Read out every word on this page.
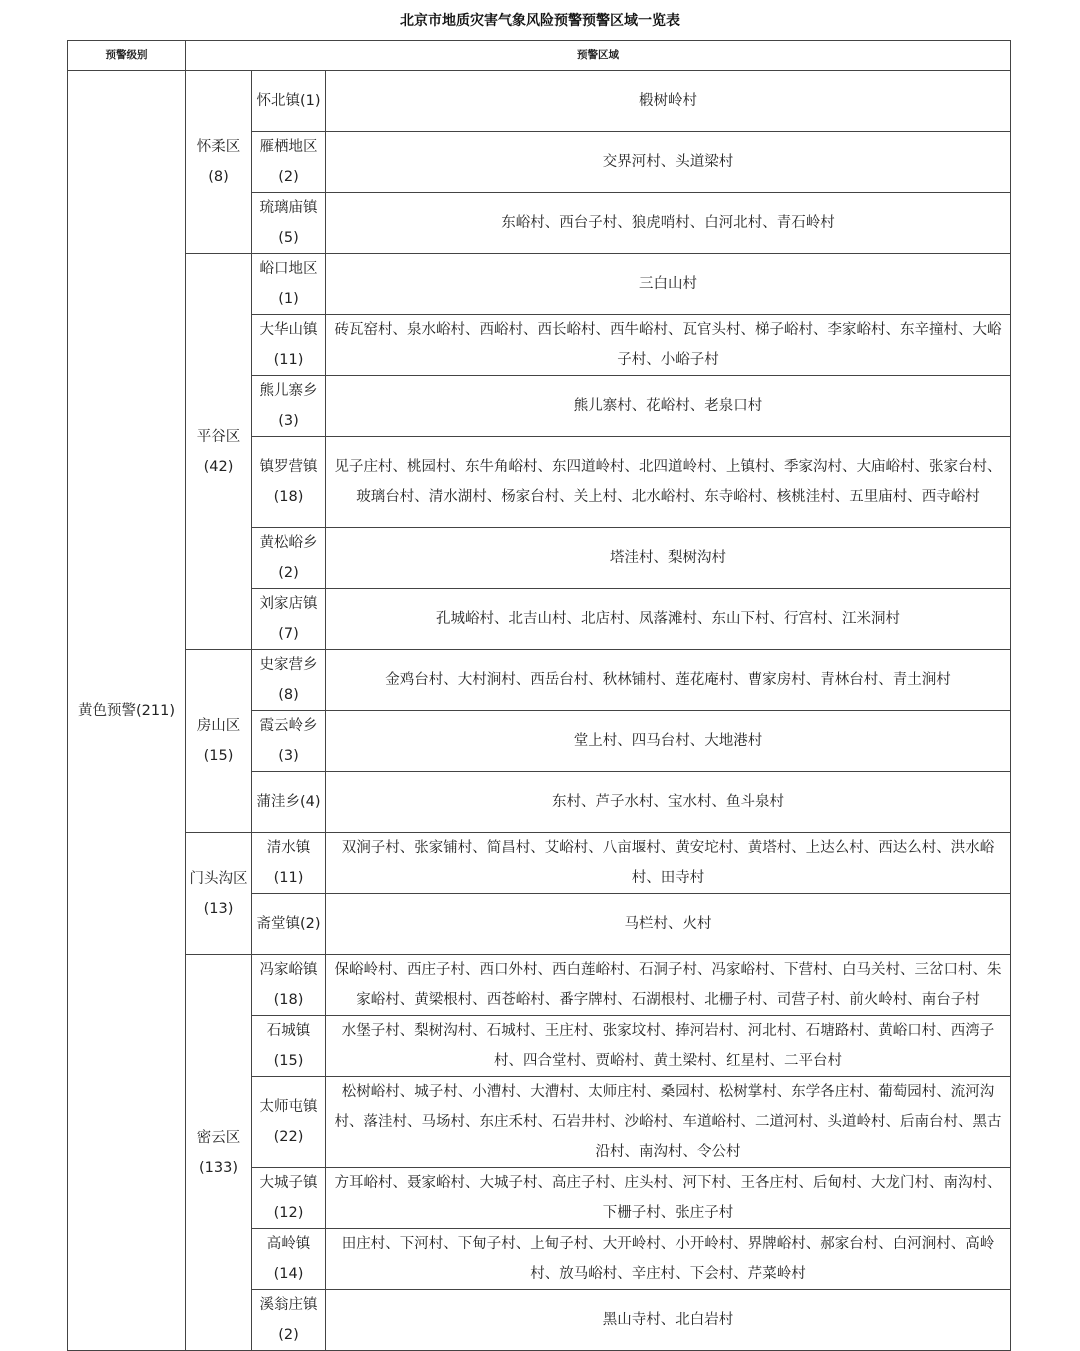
北京市地质灾害气象风险预警预警区域一览表
预警级别	预警区域		
黄色预警(211)	怀柔区(8)	怀北镇(1)	椴树岭村
		雁栖地区(2)	交界河村、头道梁村
		琉璃庙镇(5)	东峪村、西台子村、狼虎哨村、白河北村、青石岭村
	平谷区(42)	峪口地区(1)	三白山村
		大华山镇(11)	砖瓦窑村、泉水峪村、西峪村、西长峪村、西牛峪村、瓦官头村、梯子峪村、李家峪村、东辛撞村、大峪子村、小峪子村
		熊儿寨乡(3)	熊儿寨村、花峪村、老泉口村
		镇罗营镇(18)	见子庄村、桃园村、东牛角峪村、东四道岭村、北四道岭村、上镇村、季家沟村、大庙峪村、张家台村、玻璃台村、清水湖村、杨家台村、关上村、北水峪村、东寺峪村、核桃洼村、五里庙村、西寺峪村
		黄松峪乡(2)	塔洼村、梨树沟村
		刘家店镇(7)	孔城峪村、北吉山村、北店村、凤落滩村、东山下村、行宫村、江米洞村
	房山区(15)	史家营乡(8)	金鸡台村、大村涧村、西岳台村、秋林铺村、莲花庵村、曹家房村、青林台村、青土涧村
		霞云岭乡(3)	堂上村、四马台村、大地港村
		蒲洼乡(4)	东村、芦子水村、宝水村、鱼斗泉村
	门头沟区(13)	清水镇(11)	双涧子村、张家铺村、简昌村、艾峪村、八亩堰村、黄安坨村、黄塔村、上达么村、西达么村、洪水峪村、田寺村
		斋堂镇(2)	马栏村、火村
	密云区(133)	冯家峪镇(18)	保峪岭村、西庄子村、西口外村、西白莲峪村、石洞子村、冯家峪村、下营村、白马关村、三岔口村、朱家峪村、黄梁根村、西苍峪村、番字牌村、石湖根村、北栅子村、司营子村、前火岭村、南台子村
		石城镇(15)	水堡子村、梨树沟村、石城村、王庄村、张家坟村、捧河岩村、河北村、石塘路村、黄峪口村、西湾子村、四合堂村、贾峪村、黄土梁村、红星村、二平台村
		太师屯镇(22)	松树峪村、城子村、小漕村、大漕村、太师庄村、桑园村、松树掌村、东学各庄村、葡萄园村、流河沟村、落洼村、马场村、东庄禾村、石岩井村、沙峪村、车道峪村、二道河村、头道岭村、后南台村、黑古沿村、南沟村、令公村
		大城子镇(12)	方耳峪村、聂家峪村、大城子村、高庄子村、庄头村、河下村、王各庄村、后甸村、大龙门村、南沟村、下栅子村、张庄子村
		高岭镇(14)	田庄村、下河村、下甸子村、上甸子村、大开岭村、小开岭村、界牌峪村、郝家台村、白河涧村、高岭村、放马峪村、辛庄村、下会村、芹菜岭村
		溪翁庄镇(2)	黑山寺村、北白岩村
